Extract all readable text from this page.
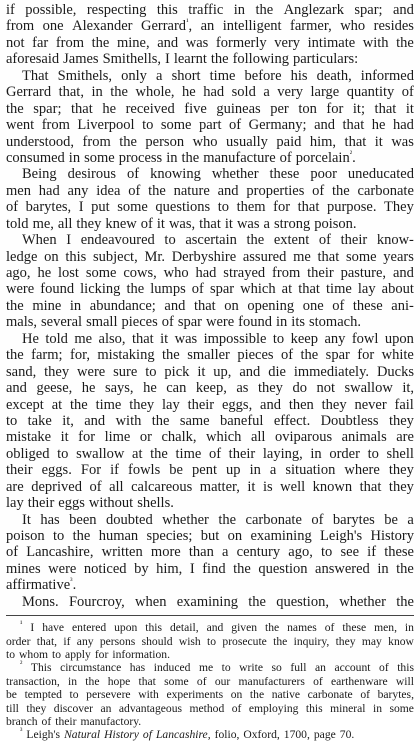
if possible, respecting this traffic in the Anglezark spar; and
from one Alexander Gerrard$^{^1}$, an intelligent farmer, who resides
not far from the mine, and was formerly very intimate with the
aforesaid James Smithells, I learnt the following particulars:
That Smithels, only a short time before his death, informed
Gerrard that, in the whole, he had sold a very large quantity of
the spar; that he received five guineas per ton for it; that it
went from Liverpool to some part of Germany; and that he had
understood, from the person who usually paid him, that it was
consumed in some process in the manufacture of porcelain$^{^2}$.
Being desirous of knowing whether these poor uneducated
men had any idea of the nature and properties of the carbonate
of barytes, I put some questions to them for that purpose. They
told me, all they knew of it was, that it was a strong poison.
When I endeavoured to ascertain the extent of their know-
ledge on this subject, Mr. Derbyshire assured me that some years
ago, he lost some cows, who had strayed from their pasture, and
were found licking the lumps of spar which at that time lay about
the mine in abundance; and that on opening one of these ani-
mals, several small pieces of spar were found in its stomach.
He told me also, that it was impossible to keep any fowl upon
the farm; for, mistaking the smaller pieces of the spar for white
sand, they were sure to pick it up, and die immediately. Ducks
and geese, he says, he can keep, as they do not swallow it,
except at the time they lay their eggs, and then they never fail
to take it, and with the same baneful effect. Doubtless they
mistake it for lime or chalk, which all oviparous animals are
obliged to swallow at the time of their laying, in order to shell
their eggs. For if fowls be pent up in a situation where they
are deprived of all calcareous matter, it is well known that they
lay their eggs without shells.
It has been doubted whether the carbonate of barytes be a
poison to the human species; but on examining Leigh's History
of Lancashire, written more than a century ago, to see if these
mines were noticed by him, I find the question answered in the
affirmative$^{^3}$.
Mons. Fourcroy, when examining the question, whether the
$^{^1}$ I have entered upon this detail, and given the names of these men, in
order that, if any persons should wish to prosecute the inquiry, they may know
to whom to apply for information.
$^{^2}$ This circumstance has induced me to write so full an account of this
transaction, in the hope that some of our manufacturers of earthenware will
be tempted to persevere with experiments on the native carbonate of barytes,
till they discover an advantageous method of employing this mineral in some
branch of their manufactory.
$^{^3}$ Leigh's Natural History of Lancashire, folio, Oxford, 1700, page 70.
